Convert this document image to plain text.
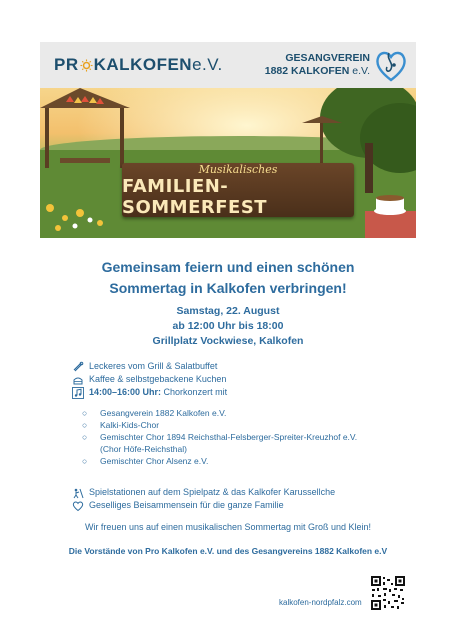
PR KALKOFEN e.V.	GESANGVEREIN
1882 KALKOFEN e.V.
Musikalisches
FAMILIEN-SOMMERFEST
Gemeinsam feiern und einen schönen
Sommertag in Kalkofen verbringen!
Samstag, 22. August
ab 12:00 Uhr bis 18:00
Grillplatz Vockwiese, Kalkofen
Leckeres vom Grill & Salatbuffet
Kaffee & selbstgebackene Kuchen
14:00–16:00 Uhr: Chorkonzert mit
○	Gesangverein 1882 Kalkofen e.V.
○	Kalki-Kids-Chor
○	Gemischter Chor 1894 Reichsthal-Felsberger-Spreiter-Kreuzhof e.V.
(Chor Höfe-Reichsthal)
○	Gemischter Chor Alsenz e.V.
Spielstationen auf dem Spielpatz & das Kalkofer Karussellche
Geselliges Beisammensein für die ganze Familie
Wir freuen uns auf einen musikalischen Sommertag mit Groß und Klein!
Die Vorstände von Pro Kalkofen e.V. und des Gesangvereins 1882 Kalkofen e.V
kalkofen-nordpfalz.com
